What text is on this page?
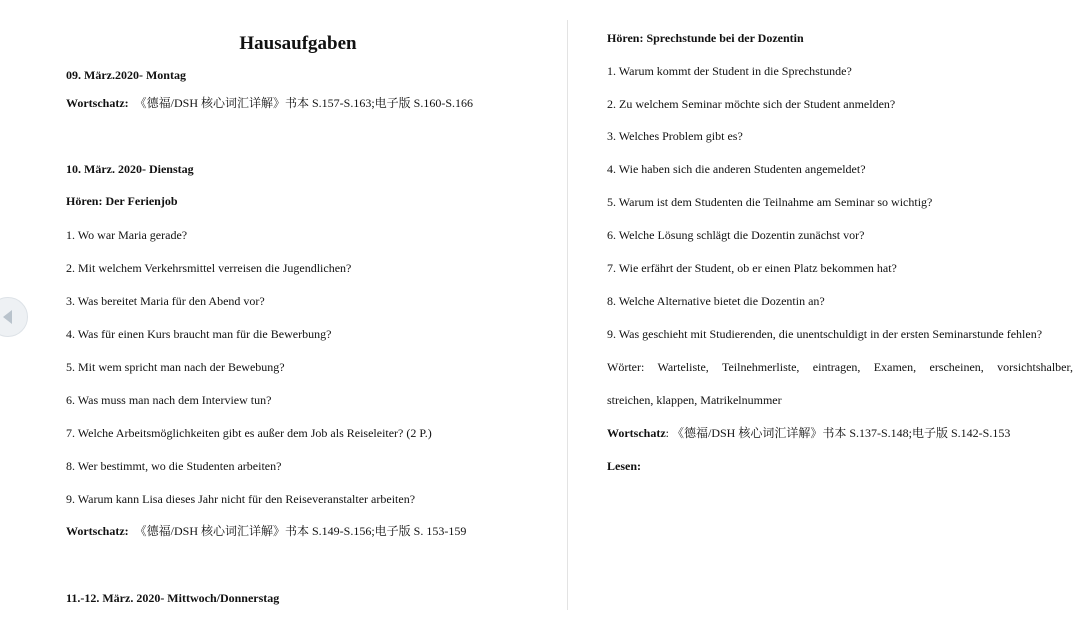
Hausaufgaben
09. März.2020- Montag
Wortschatz: 《德福/DSH 核心词汇详解》书本 S.157-S.163;电子版 S.160-S.166
10. März. 2020- Dienstag
Hören: Der Ferienjob
1. Wo war Maria gerade?
2. Mit welchem Verkehrsmittel verreisen die Jugendlichen?
3. Was bereitet Maria für den Abend vor?
4. Was für einen Kurs braucht man für die Bewerbung?
5. Mit wem spricht man nach der Bewebung?
6. Was muss man nach dem Interview tun?
7. Welche Arbeitsmöglichkeiten gibt es außer dem Job als Reiseleiter? (2 P.)
8. Wer bestimmt, wo die Studenten arbeiten?
9. Warum kann Lisa dieses Jahr nicht für den Reiseveranstalter arbeiten?
Wortschatz: 《德福/DSH 核心词汇详解》书本 S.149-S.156;电子版 S. 153-159
11.-12. März. 2020- Mittwoch/Donnerstag
Hören: Sprechstunde bei der Dozentin
1. Warum kommt der Student in die Sprechstunde?
2. Zu welchem Seminar möchte sich der Student anmelden?
3. Welches Problem gibt es?
4. Wie haben sich die anderen Studenten angemeldet?
5. Warum ist dem Studenten die Teilnahme am Seminar so wichtig?
6. Welche Lösung schlägt die Dozentin zunächst vor?
7. Wie erfährt der Student, ob er einen Platz bekommen hat?
8. Welche Alternative bietet die Dozentin an?
9. Was geschieht mit Studierenden, die unentschuldigt in der ersten Seminarstunde fehlen?
Wörter: Warteliste, Teilnehmerliste, eintragen, Examen, erscheinen, vorsichtshalber,
streichen, klappen, Matrikelnummer
Wortschatz: 《德福/DSH 核心词汇详解》书本 S.137-S.148;电子版 S.142-S.153
Lesen:
